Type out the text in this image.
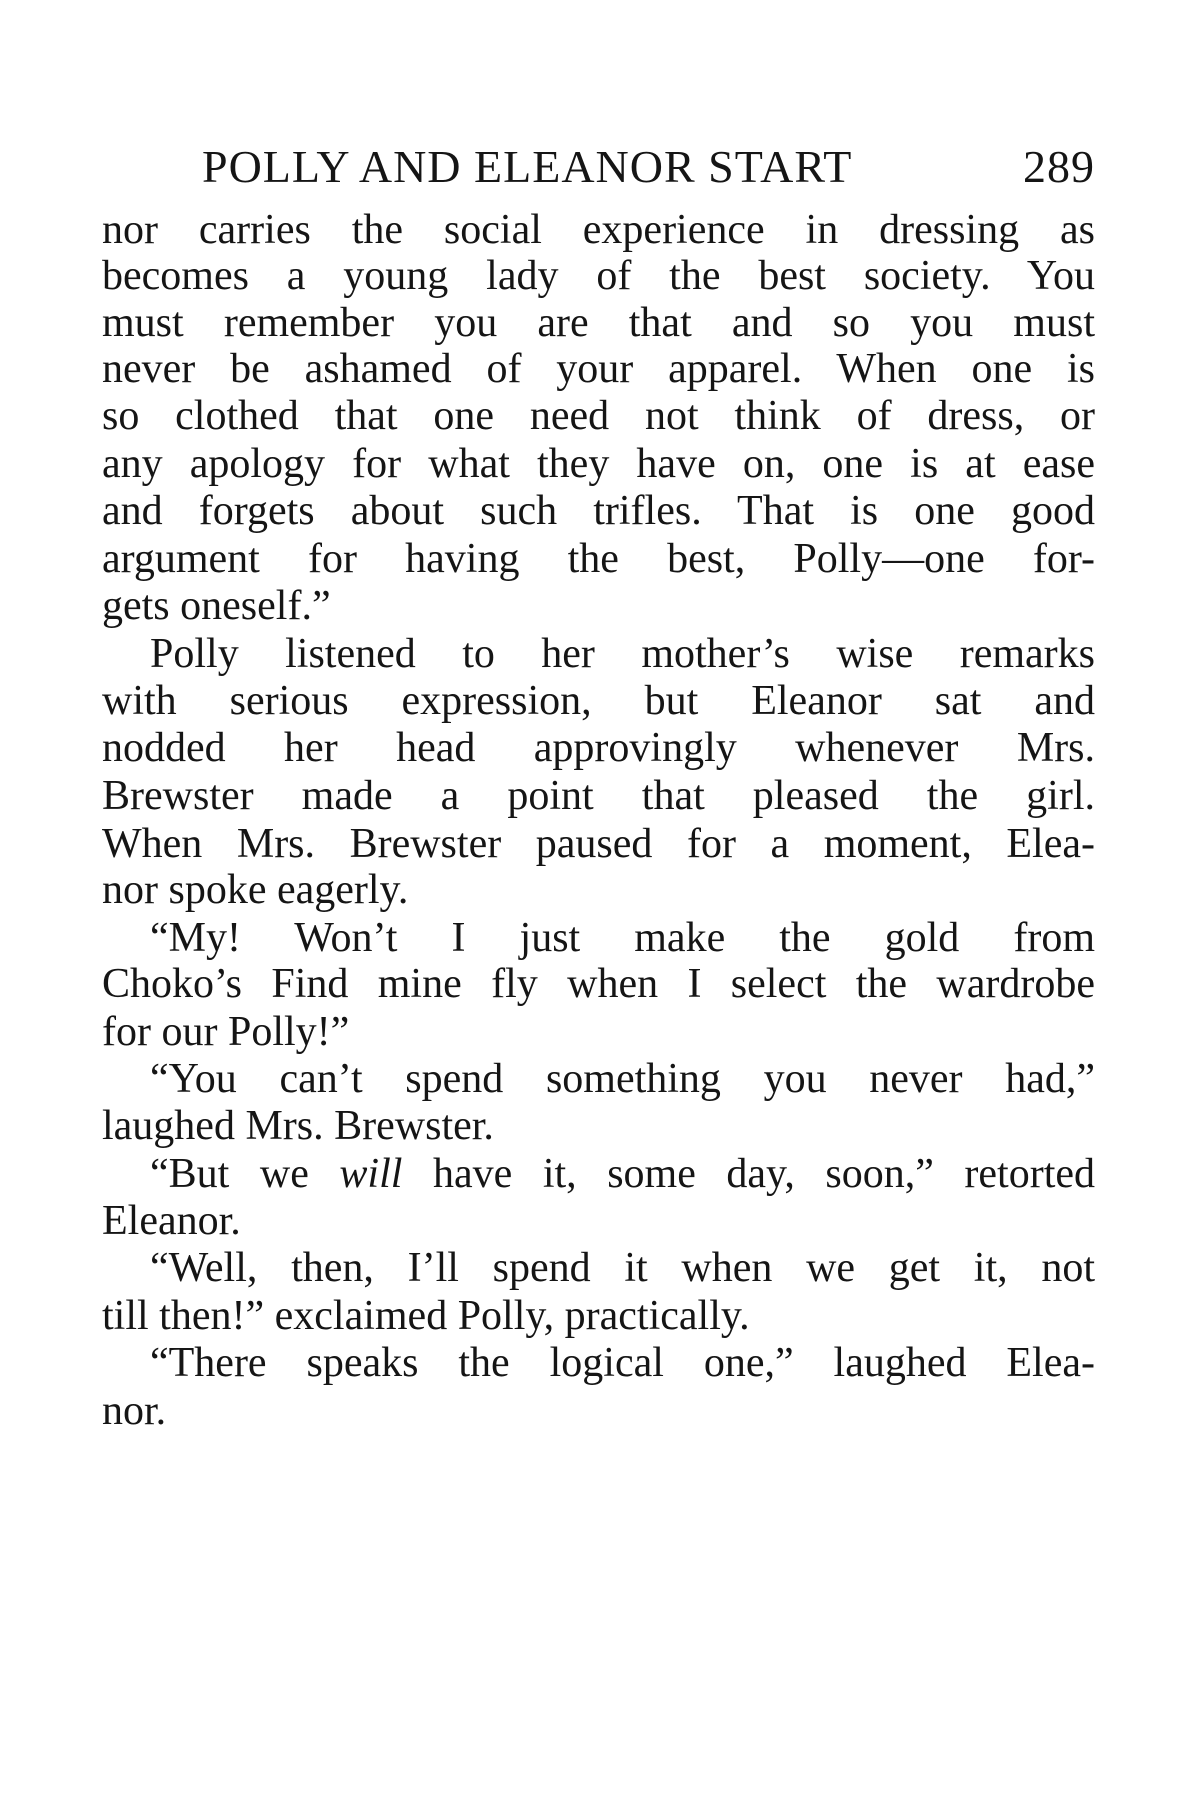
POLLY AND ELEANOR START	289
nor carries the social experience in dressing as
becomes a young lady of the best society. You
must remember you are that and so you must
never be ashamed of your apparel. When one is
so clothed that one need not think of dress, or
any apology for what they have on, one is at ease
and forgets about such trifles. That is one good
argument for having the best, Polly—one for-
gets oneself.”
Polly listened to her mother’s wise remarks
with serious expression, but Eleanor sat and
nodded her head approvingly whenever Mrs.
Brewster made a point that pleased the girl.
When Mrs. Brewster paused for a moment, Elea-
nor spoke eagerly.
“My! Won’t I just make the gold from
Choko’s Find mine fly when I select the wardrobe
for our Polly!”
“You can’t spend something you never had,”
laughed Mrs. Brewster.
“But we will have it, some day, soon,” retorted
Eleanor.
“Well, then, I’ll spend it when we get it, not
till then!” exclaimed Polly, practically.
“There speaks the logical one,” laughed Elea-
nor.
